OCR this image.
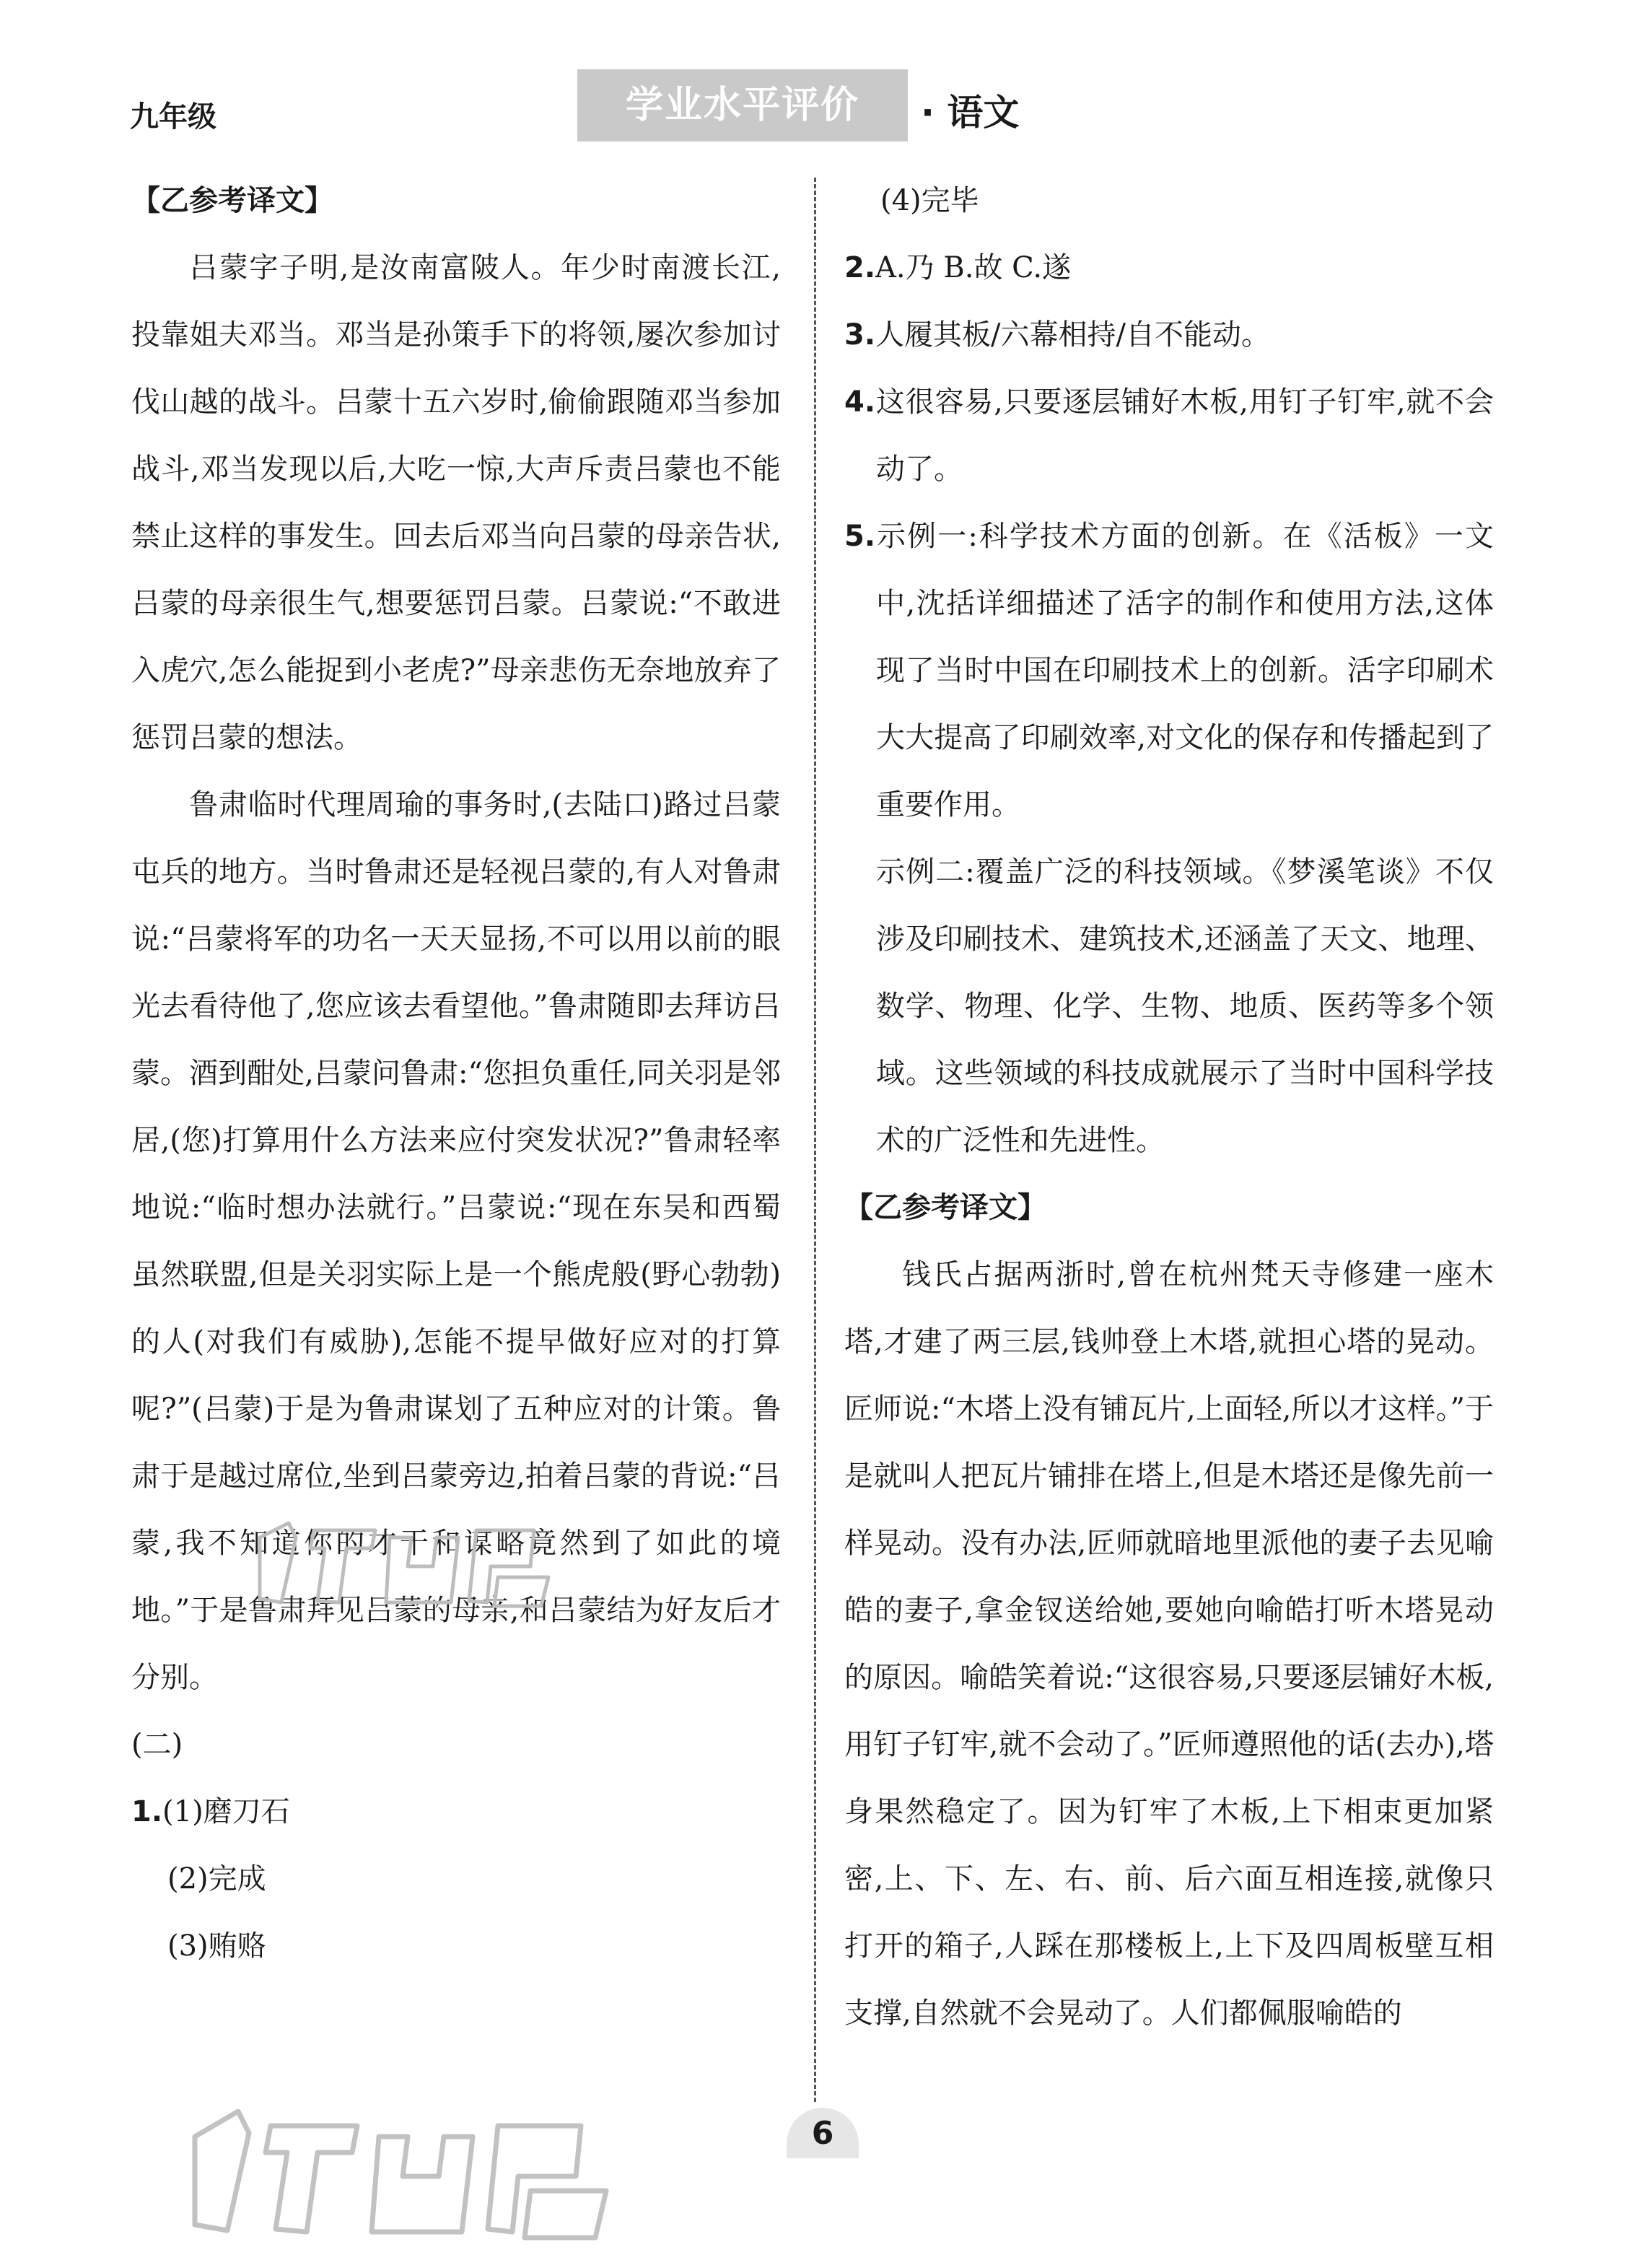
九年级	学业水平评价	· 语文

【乙参考译文】

吕蒙字子明,是汝南富陂人。年少时南渡长江,投靠姐夫邓当。邓当是孙策手下的将领,屡次参加讨伐山越的战斗。吕蒙十五六岁时,偷偷跟随邓当参加战斗,邓当发现以后,大吃一惊,大声斥责吕蒙也不能禁止这样的事发生。回去后邓当向吕蒙的母亲告状,吕蒙的母亲很生气,想要惩罚吕蒙。吕蒙说:“不敢进入虎穴,怎么能捉到小老虎?”母亲悲伤无奈地放弃了惩罚吕蒙的想法。

鲁肃临时代理周瑜的事务时,(去陆口)路过吕蒙屯兵的地方。当时鲁肃还是轻视吕蒙的,有人对鲁肃说:“吕蒙将军的功名一天天显扬,不可以用以前的眼光去看待他了,您应该去看望他。”鲁肃随即去拜访吕蒙。酒到酣处,吕蒙问鲁肃:“您担负重任,同关羽是邻居,(您)打算用什么方法来应付突发状况?”鲁肃轻率地说:“临时想办法就行。”吕蒙说:“现在东吴和西蜀虽然联盟,但是关羽实际上是一个熊虎般(野心勃勃)的人(对我们有威胁),怎能不提早做好应对的打算呢?”(吕蒙)于是为鲁肃谋划了五种应对的计策。鲁肃于是越过席位,坐到吕蒙旁边,拍着吕蒙的背说:“吕蒙,我不知道你的才干和谋略竟然到了如此的境地。”于是鲁肃拜见吕蒙的母亲,和吕蒙结为好友后才分别。

(二)

1.(1)磨刀石

(2)完成

(3)贿赂

(4)完毕

2.A.乃 B.故 C.遂

3.人履其板/六幕相持/自不能动。

4.这很容易,只要逐层铺好木板,用钉子钉牢,就不会动了。

5.示例一:科学技术方面的创新。在《活板》一文中,沈括详细描述了活字的制作和使用方法,这体现了当时中国在印刷技术上的创新。活字印刷术大大提高了印刷效率,对文化的保存和传播起到了重要作用。

示例二:覆盖广泛的科技领域。《梦溪笔谈》不仅涉及印刷技术、建筑技术,还涵盖了天文、地理、数学、物理、化学、生物、地质、医药等多个领域。这些领域的科技成就展示了当时中国科学技术的广泛性和先进性。

【乙参考译文】

钱氏占据两浙时,曾在杭州梵天寺修建一座木塔,才建了两三层,钱帅登上木塔,就担心塔的晃动。匠师说:“木塔上没有铺瓦片,上面轻,所以才这样。”于是就叫人把瓦片铺排在塔上,但是木塔还是像先前一样晃动。没有办法,匠师就暗地里派他的妻子去见喻皓的妻子,拿金钗送给她,要她向喻皓打听木塔晃动的原因。喻皓笑着说:“这很容易,只要逐层铺好木板,用钉子钉牢,就不会动了。”匠师遵照他的话(去办),塔身果然稳定了。因为钉牢了木板,上下相束更加紧密,上、下、左、右、前、后六面互相连接,就像只打开的箱子,人踩在那楼板上,上下及四周板壁互相支撑,自然就不会晃动了。人们都佩服喻皓的

6
